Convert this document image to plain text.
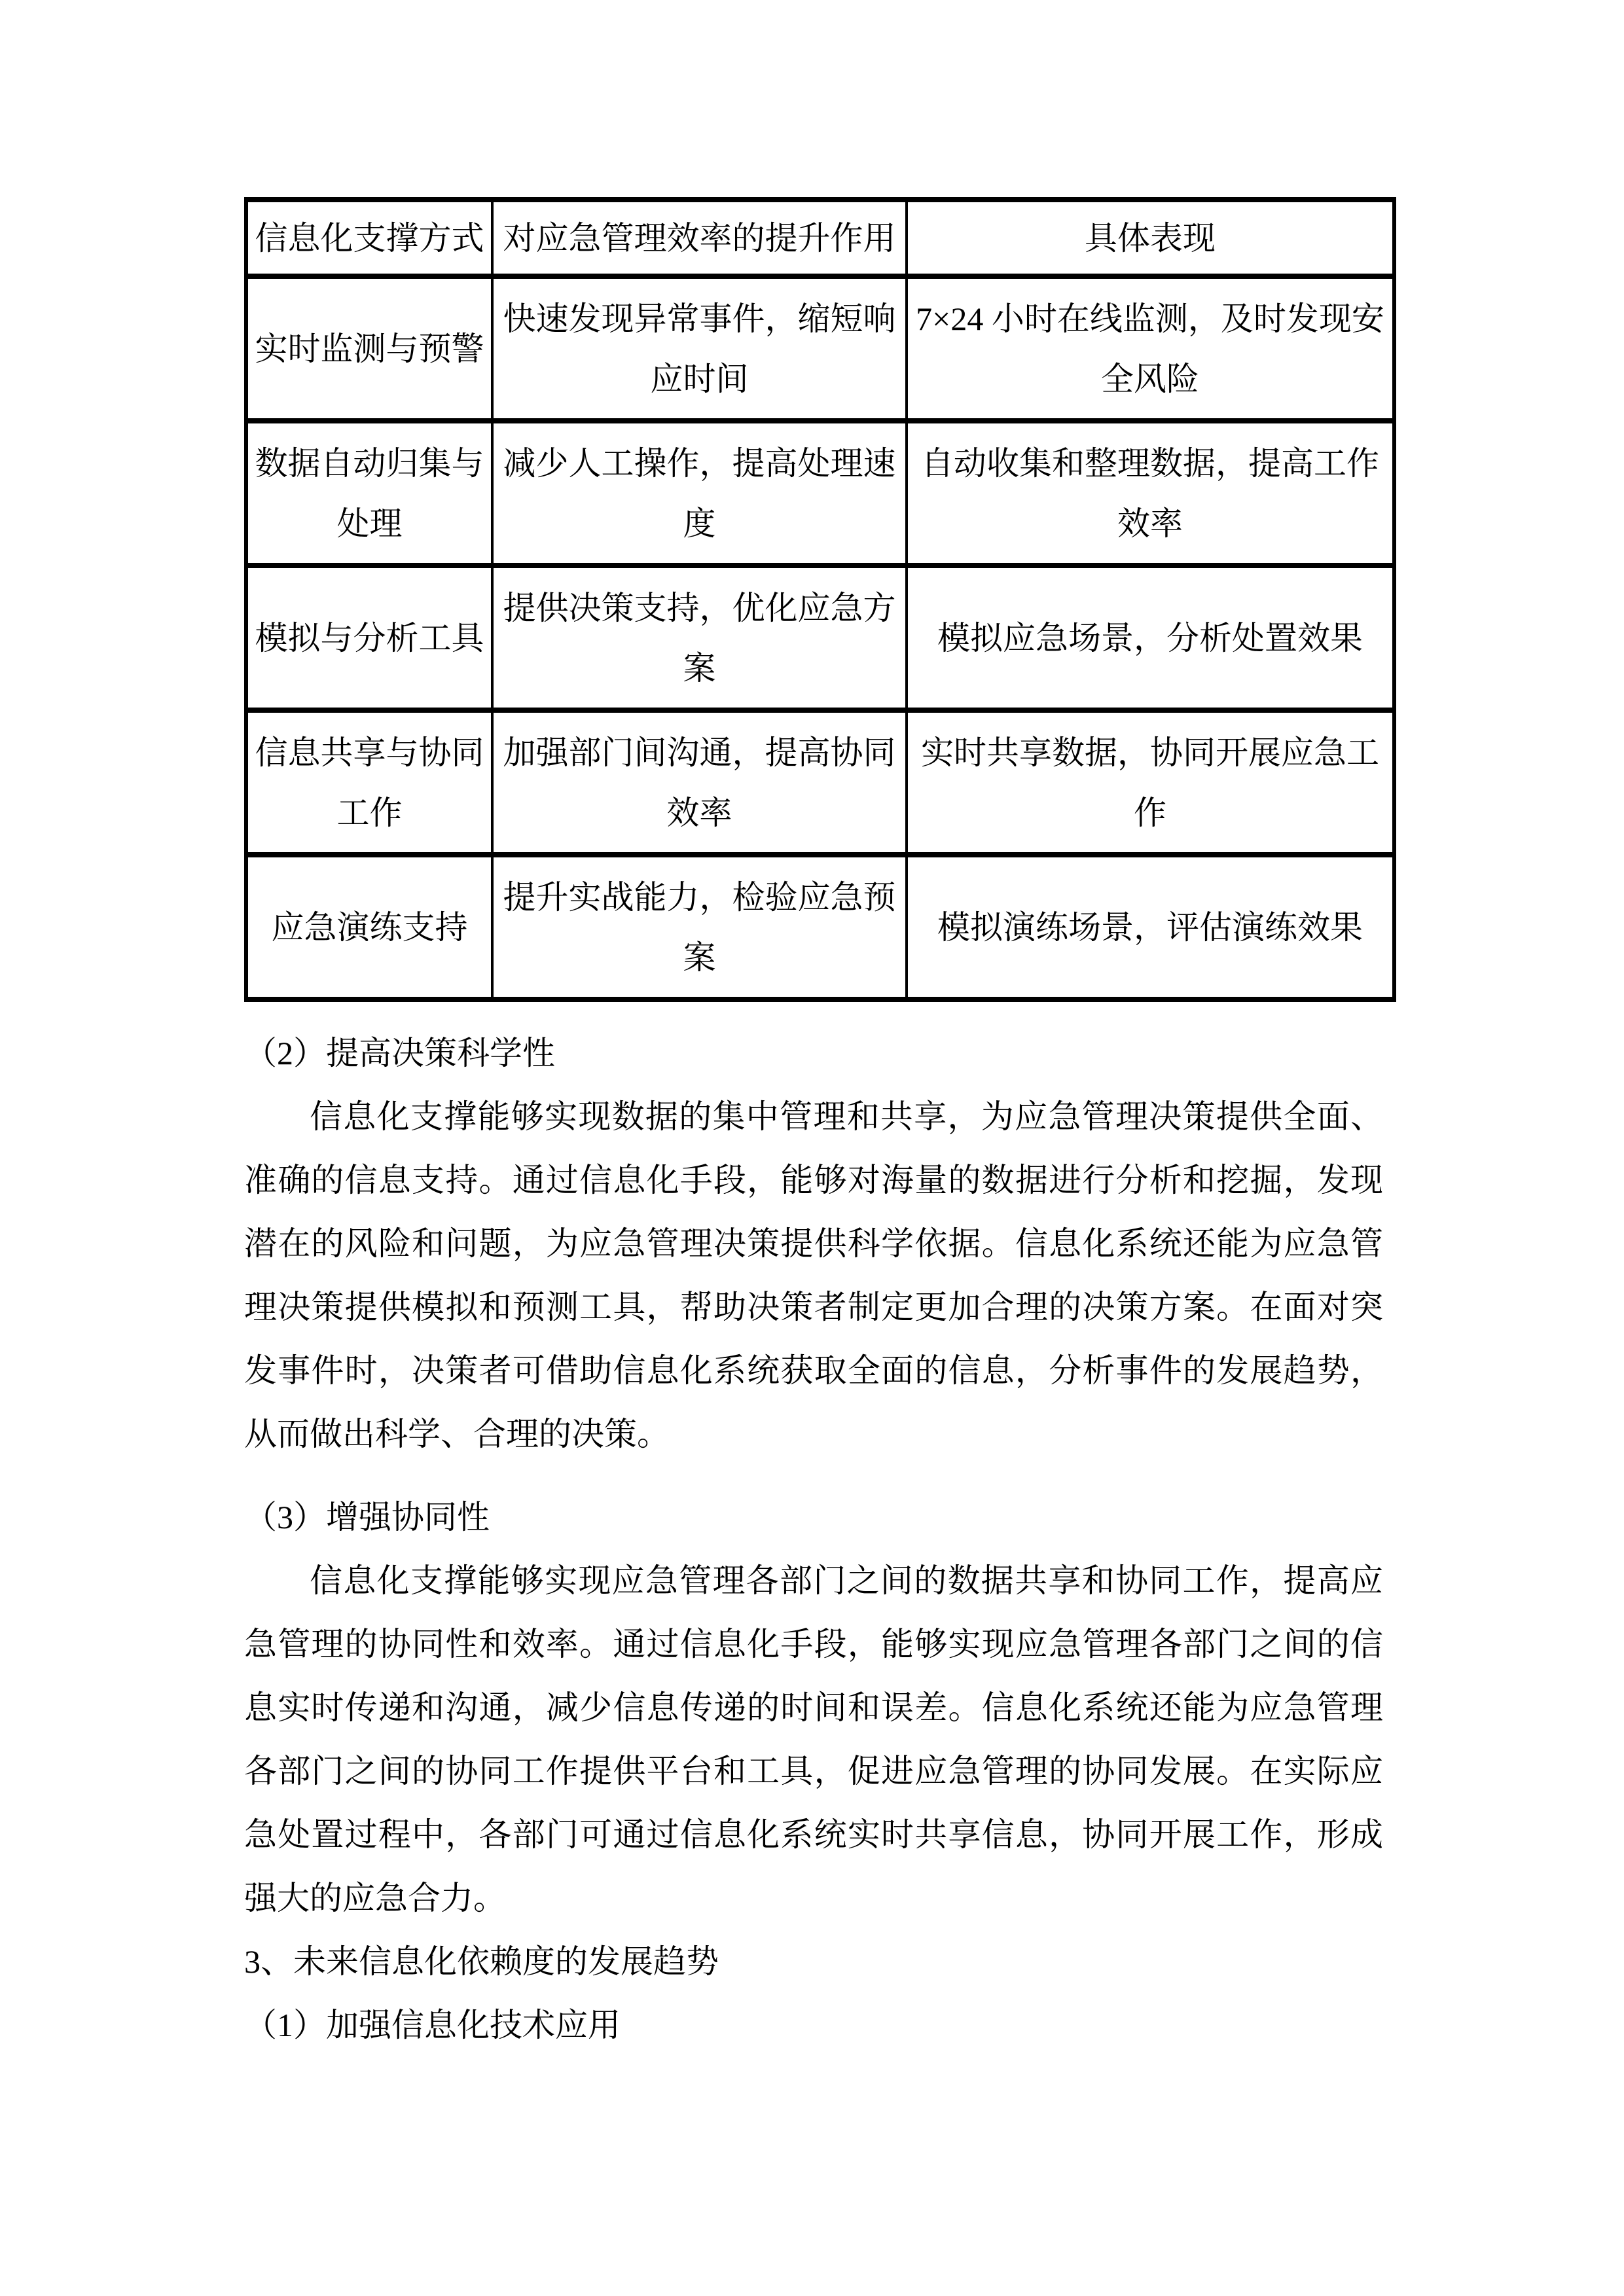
信息化支撑方式	对应急管理效率的提升作用	具体表现
实时监测与预警	快速发现异常事件，缩短响应时间	7×24 小时在线监测，及时发现安全风险
数据自动归集与处理	减少人工操作，提高处理速度	自动收集和整理数据，提高工作效率
模拟与分析工具	提供决策支持，优化应急方案	模拟应急场景，分析处置效果
信息共享与协同工作	加强部门间沟通，提高协同效率	实时共享数据，协同开展应急工作
应急演练支持	提升实战能力，检验应急预案	模拟演练场景，评估演练效果
（2）提高决策科学性

信息化支撑能够实现数据的集中管理和共享，为应急管理决策提供全面、准确的信息支持。通过信息化手段，能够对海量的数据进行分析和挖掘，发现潜在的风险和问题，为应急管理决策提供科学依据。信息化系统还能为应急管理决策提供模拟和预测工具，帮助决策者制定更加合理的决策方案。在面对突发事件时，决策者可借助信息化系统获取全面的信息，分析事件的发展趋势，从而做出科学、合理的决策。

（3）增强协同性

信息化支撑能够实现应急管理各部门之间的数据共享和协同工作，提高应急管理的协同性和效率。通过信息化手段，能够实现应急管理各部门之间的信息实时传递和沟通，减少信息传递的时间和误差。信息化系统还能为应急管理各部门之间的协同工作提供平台和工具，促进应急管理的协同发展。在实际应急处置过程中，各部门可通过信息化系统实时共享信息，协同开展工作，形成强大的应急合力。

3、未来信息化依赖度的发展趋势
（1）加强信息化技术应用
